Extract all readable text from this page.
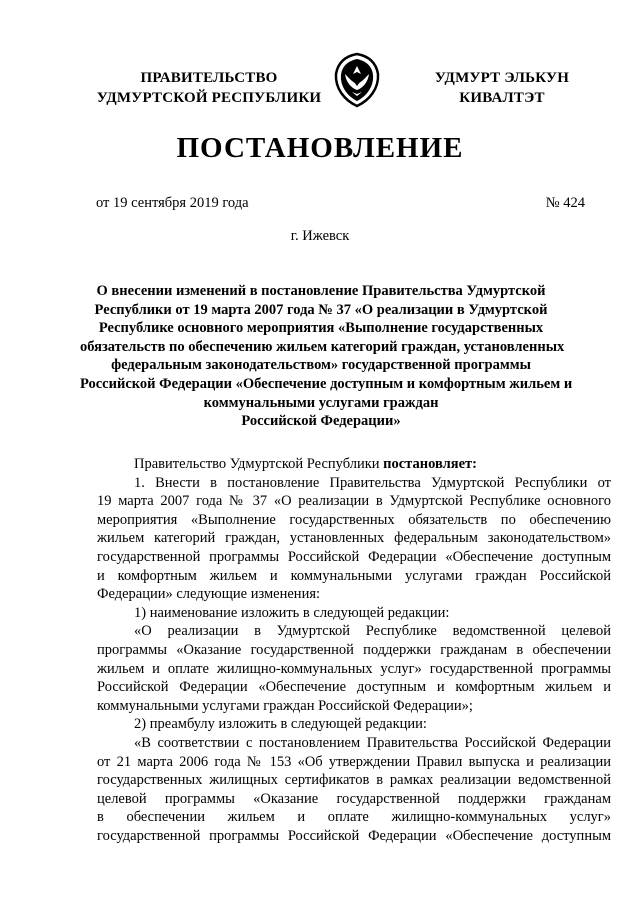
ПРАВИТЕЛЬСТВО
УДМУРТСКОЙ РЕСПУБЛИКИ
УДМУРТ ЭЛЬКУН
КИВАЛТЭТ
ПОСТАНОВЛЕНИЕ
от 19 сентября 2019 года	№ 424
г. Ижевск
О внесении изменений в постановление Правительства Удмуртской
Республики от 19 марта 2007 года № 37 «О реализации в Удмуртской
Республике основного мероприятия «Выполнение государственных
обязательств по обеспечению жильем категорий граждан, установленных
федеральным законодательством» государственной программы
Российской Федерации «Обеспечение доступным и комфортным жильем и
коммунальными услугами граждан
Российской Федерации»
Правительство Удмуртской Республики постановляет:
1. Внести в постановление Правительства Удмуртской Республики от
19 марта 2007 года № 37 «О реализации в Удмуртской Республике основного
мероприятия «Выполнение государственных обязательств по обеспечению
жильем категорий граждан, установленных федеральным законодательством»
государственной программы Российской Федерации «Обеспечение доступным
и комфортным жильем и коммунальными услугами граждан Российской
Федерации» следующие изменения:
1) наименование изложить в следующей редакции:
«О реализации в Удмуртской Республике ведомственной целевой
программы «Оказание государственной поддержки гражданам в обеспечении
жильем и оплате жилищно-коммунальных услуг» государственной программы
Российской Федерации «Обеспечение доступным и комфортным жильем и
коммунальными услугами граждан Российской Федерации»;
2) преамбулу изложить в следующей редакции:
«В соответствии с постановлением Правительства Российской Федерации
от 21 марта 2006 года № 153 «Об утверждении Правил выпуска и реализации
государственных жилищных сертификатов в рамках реализации ведомственной
целевой программы «Оказание государственной поддержки гражданам
в обеспечении жильем и оплате жилищно-коммунальных услуг»
государственной программы Российской Федерации «Обеспечение доступным
